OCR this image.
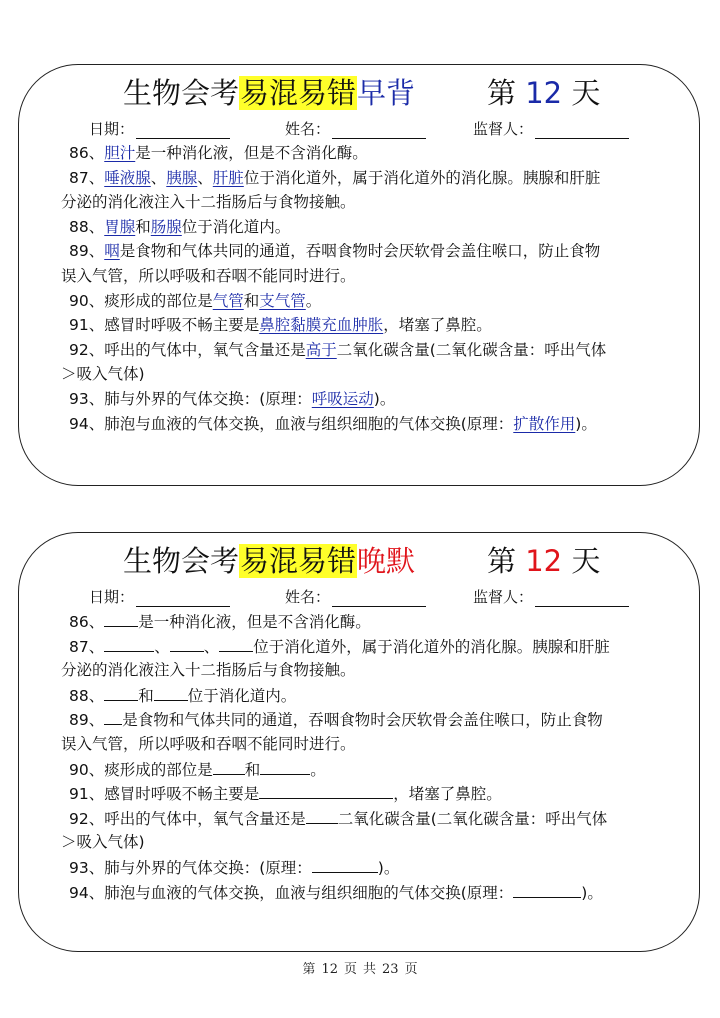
生物会考易混易错早背 第 12 天
日期：	姓名：	监督人：
86、胆汁是一种消化液，但是不含消化酶。
87、唾液腺、胰腺、肝脏位于消化道外，属于消化道外的消化腺。胰腺和肝脏
分泌的消化液注入十二指肠后与食物接触。
88、胃腺和肠腺位于消化道内。
89、咽是食物和气体共同的通道，吞咽食物时会厌软骨会盖住喉口，防止食物
误入气管，所以呼吸和吞咽不能同时进行。
90、痰形成的部位是气管和支气管。
91、感冒时呼吸不畅主要是鼻腔黏膜充血肿胀，堵塞了鼻腔。
92、呼出的气体中，氧气含量还是高于二氧化碳含量(二氧化碳含量：呼出气体
＞吸入气体)
93、肺与外界的气体交换：(原理：呼吸运动)。
94、肺泡与血液的气体交换，血液与组织细胞的气体交换(原理：扩散作用)。
生物会考易混易错晚默 第 12 天
日期：	姓名：	监督人：
86、 是一种消化液，但是不含消化酶。
87、	、 、 位于消化道外，属于消化道外的消化腺。胰腺和肝脏
分泌的消化液注入十二指肠后与食物接触。
88、 和 位于消化道内。
89、 是食物和气体共同的通道，吞咽食物时会厌软骨会盖住喉口，防止食物
误入气管，所以呼吸和吞咽不能同时进行。
90、痰形成的部位是 和	。
91、感冒时呼吸不畅主要是	，堵塞了鼻腔。
92、呼出的气体中，氧气含量还是 二氧化碳含量(二氧化碳含量：呼出气体
＞吸入气体)
93、肺与外界的气体交换：(原理：	)。
94、肺泡与血液的气体交换，血液与组织细胞的气体交换(原理：	)。
第 12 页 共 23 页
